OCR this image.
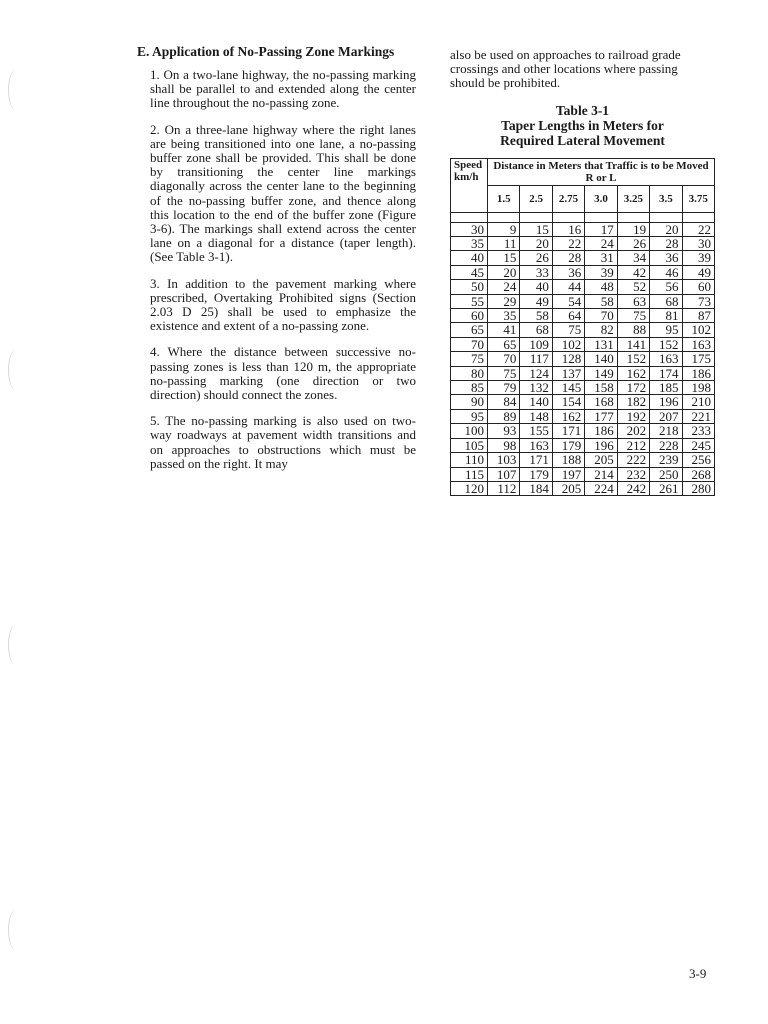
E. Application of No-Passing Zone Markings

1. On a two-lane highway, the no-passing marking shall be parallel to and extended along the center line throughout the no-passing zone.

2. On a three-lane highway where the right lanes are being transitioned into one lane, a no-passing buffer zone shall be provided. This shall be done by transitioning the center line markings diagonally across the center lane to the beginning of the no-passing buffer zone, and thence along this location to the end of the buffer zone (Figure 3-6). The markings shall extend across the center lane on a diagonal for a distance (taper length). (See Table 3-1).

3. In addition to the pavement marking where prescribed, Overtaking Prohibited signs (Section 2.03 D 25) shall be used to emphasize the existence and extent of a no-passing zone.

4. Where the distance between successive no-passing zones is less than 120 m, the appropriate no-passing marking (one direction or two direction) should connect the zones.

5. The no-passing marking is also used on two-way roadways at pavement width transitions and on approaches to obstructions which must be passed on the right. It may

also be used on approaches to railroad grade crossings and other locations where passing should be prohibited.

Table 3-1
Taper Lengths in Meters for
Required Lateral Movement
Speed km/h	Distance in Meters that Traffic is to be Moved R or L						
	1.5	2.5	2.75	3.0	3.25	3.5	3.75

30	9	15	16	17	19	20	22
35	11	20	22	24	26	28	30
40	15	26	28	31	34	36	39
45	20	33	36	39	42	46	49
50	24	40	44	48	52	56	60
55	29	49	54	58	63	68	73
60	35	58	64	70	75	81	87
65	41	68	75	82	88	95	102
70	65	109	102	131	141	152	163
75	70	117	128	140	152	163	175
80	75	124	137	149	162	174	186
85	79	132	145	158	172	185	198
90	84	140	154	168	182	196	210
95	89	148	162	177	192	207	221
100	93	155	171	186	202	218	233
105	98	163	179	196	212	228	245
110	103	171	188	205	222	239	256
115	107	179	197	214	232	250	268
120	112	184	205	224	242	261	280
3-9
